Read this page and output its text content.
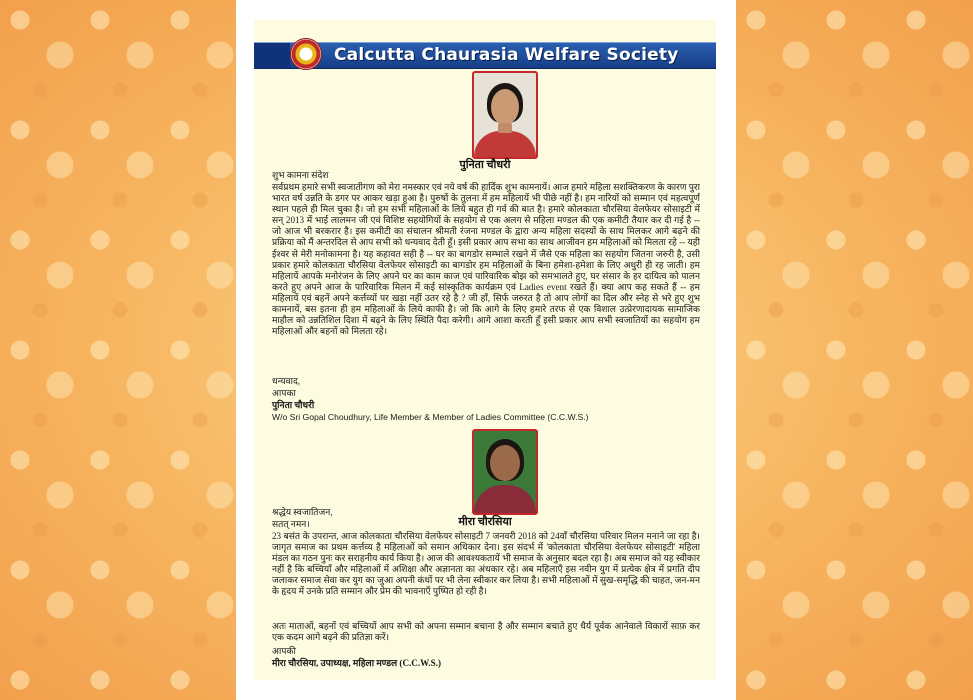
Calcutta Chaurasia Welfare Society
पुनिता चौधरी
शुभ कामना संदेश
सर्वप्रथम हमारे सभी स्वजातीगण को मेरा नमस्कार एवं नये वर्ष की हार्दिक शुभ कामनायें। आज हमारे महिला सशक्तिकरण के कारण पुरा भारत वर्ष उन्नति के डगर पर आकर खड़ा हुआ है। पुरुषों के तुलना में हम महिलायें भी पीछे नहीं है। हम नारियों को सम्मान एवं महत्वपूर्ण स्थान पहले ही मिल चुका है। जो हम सभी महिलाओं के लिये बहुत ही गर्व की बात है। हमारे कोलकाता चौरसिया वेलफेयर सोसाइटी में सन् 2013 में भाई लालमन जी एवं विशिष्ट सहयोगियों के सहयोग से एक अलग से महिला मण्डल की एक कमीटी तैयार कर दी गई है -- जो आज भी बरकरार है। इस कमीटी का संचालन श्रीमती रंजना मण्डल के द्वारा अन्य महिला सदस्यों के साथ मिलकर आगे बढ़ने की प्रक्रिया को मैं अन्तरदिल से आप सभी को धन्यवाद देती हूँ। इसी प्रकार आप सभा का साथ आजीवन हम महिलाओं को मिलता रहे -- यही ईश्वर से मेरी मनोकामना है। यह कहावत सही है -- घर का बागडोर सम्भाले रखने में जैसे एक महिला का सहयोग जितना जरुरी है, उसी प्रकार हमारे कोलकाता चौरसिया वेलफेयर सोसाइटी का बागडोर हम महिलाओं के बिना हमेशा-हमेशा के लिए अधुरी ही रह जाती। हम महिलायें आपके मनोरंजन के लिए अपने घर का काम काज एवं पारिवारिक बोझ को समभालते हुए, घर संसार के हर दायित्व को पालन करते हुए अपने आज के पारिवारिक मिलन में कई सांस्कृतिक कार्यक्रम एवं Ladies event रखते हैं। क्या आप कह सकते हैं -- हम महिलायें एवं बहनें अपने कर्त्तव्यों पर खड़ा नहीं उतर रहे है ? जी हाँ, सिर्फ जरुरत है तो आप लोगों का दिल और स्नेह से भरे हुए शुभ कामनायें, बस इतना ही हम महिलाओं के लिये काफी है। जो कि आगे के लिए हमारे तरफ से एक विशाल उत्प्रेरणादायक सामाजिक माहौल को उन्नतिशिल दिशा में बढ़ने के लिए स्थिति पैदा करेगी। आगे आशा करती हूँ इसी प्रकार आप सभी स्वजातियों का सहयोग हम महिलाओं और बहनों को मिलता रहे।
धन्यवाद,
आपका
पुनिता चौधरी
W/o Sri Gopal Choudhury, Life Member & Member of Ladies Committee (C.C.W.S.)
श्रद्धेय स्वजातिजन,
सतत् नमन।	मीरा चौरसिया
23 बसंत के उपरान्त, आज कोलकाता चौरसिया वेलफेयर सोसाइटी 7 जनवरी 2018 को 24वाँ चौरसिया परिवार मिलन मनाने जा रहा है। जागृत समाज का प्रथम कर्त्तव्य है महिलाओं को समान अधिकार देना। इस संदर्भ में 'कोलकाता चौरसिया वेलफेयर सोसाइटी' महिला मंडल का गठन पुनः कर सराहनीय कार्य किया है। आज की आवश्यकतायें भी समाज के अनुसार बदल रहा है। अब समाज को यह स्वीकार नहीं है कि बच्चियाँ और महिलाओं में अशिक्षा और अज्ञानता का अंधकार रहे। अब महिलाएँ इस नवीन युग में प्रत्येक क्षेत्र में प्रगति दीप जलाकर समाज सेवा कर युग का जुआ अपनी कंधों पर भी लेना स्वीकार कर लिया है। सभी महिलाओं में सुख-समृद्धि की चाहत, जन-मन के हृदय में उनके प्रति सम्मान और प्रेम की भावनाएँ पुष्पित हो रही है।
अतः माताओं, बहनों एवं बच्चियों आप सभी को अपना सम्मान बचाना है और सम्मान बचाते हुए धैर्य पूर्वक आनेवाले विकारों साफ़ कर एक कदम आगे बढ़ने की प्रतिज्ञा करें।
आपकी
मीरा चौरसिया, उपाध्यक्ष, महिला मण्डल (C.C.W.S.)
